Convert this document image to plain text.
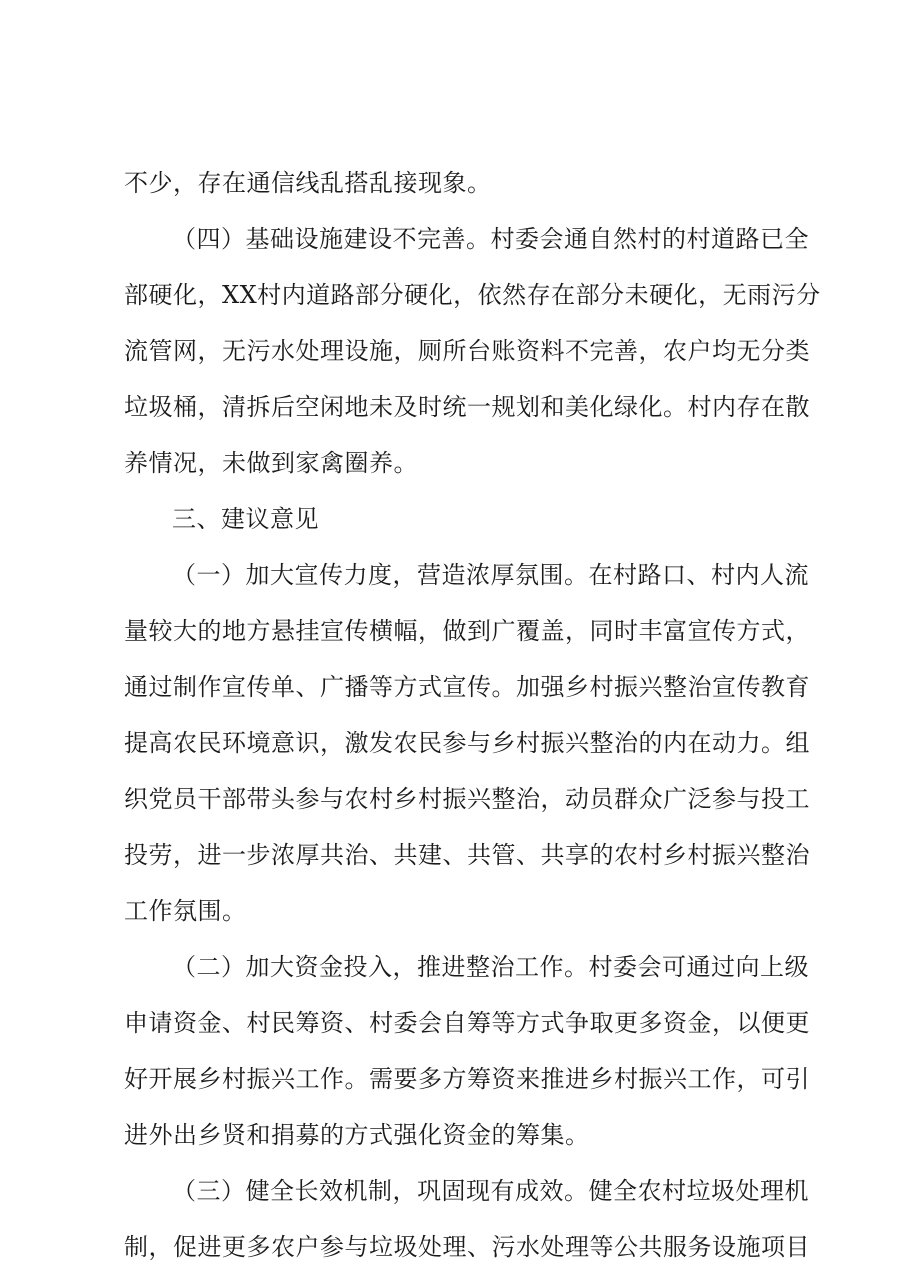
不少，存在通信线乱搭乱接现象。
（四）基础设施建设不完善。村委会通自然村的村道路已全
部硬化，XX村内道路部分硬化，依然存在部分未硬化，无雨污分
流管网，无污水处理设施，厕所台账资料不完善，农户均无分类
垃圾桶，清拆后空闲地未及时统一规划和美化绿化。村内存在散
养情况，未做到家禽圈养。
三、建议意见
（一）加大宣传力度，营造浓厚氛围。在村路口、村内人流
量较大的地方悬挂宣传横幅，做到广覆盖，同时丰富宣传方式，
通过制作宣传单、广播等方式宣传。加强乡村振兴整治宣传教育
提高农民环境意识，激发农民参与乡村振兴整治的内在动力。组
织党员干部带头参与农村乡村振兴整治，动员群众广泛参与投工
投劳，进一步浓厚共治、共建、共管、共享的农村乡村振兴整治
工作氛围。
（二）加大资金投入，推进整治工作。村委会可通过向上级
申请资金、村民筹资、村委会自筹等方式争取更多资金，以便更
好开展乡村振兴工作。需要多方筹资来推进乡村振兴工作，可引
进外出乡贤和捐募的方式强化资金的筹集。
（三）健全长效机制，巩固现有成效。健全农村垃圾处理机
制，促进更多农户参与垃圾处理、污水处理等公共服务设施项目
